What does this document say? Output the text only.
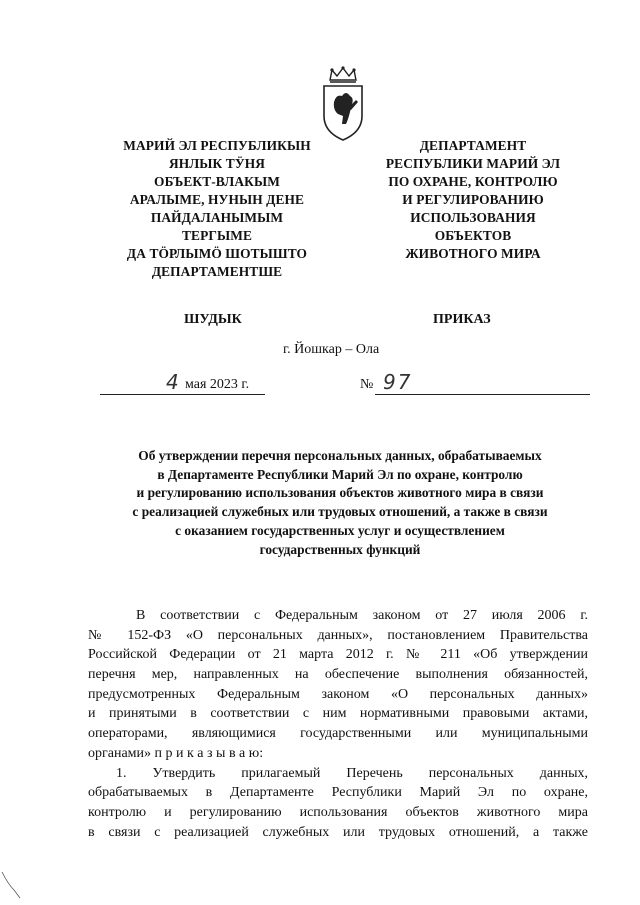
МАРИЙ ЭЛ РЕСПУБЛИКЫН
ЯНЛЫК ТӰНЯ
ОБЪЕКТ-ВЛАКЫМ
АРАЛЫМЕ, НУНЫН ДЕНЕ
ПАЙДАЛАНЫМЫМ
ТЕРГЫМЕ
ДА ТӦРЛЫМӦ ШОТЫШТО
ДЕПАРТАМЕНТШЕ
ДЕПАРТАМЕНТ
РЕСПУБЛИКИ МАРИЙ ЭЛ
ПО ОХРАНЕ, КОНТРОЛЮ
И РЕГУЛИРОВАНИЮ
ИСПОЛЬЗОВАНИЯ
ОБЪЕКТОВ
ЖИВОТНОГО МИРА
ШУДЫК	ПРИКАЗ
г. Йошкар – Ола
4 мая 2023 г.	№ 97
Об утверждении перечня персональных данных, обрабатываемых
в Департаменте Республики Марий Эл по охране, контролю
и регулированию использования объектов животного мира в связи
с реализацией служебных или трудовых отношений, а также в связи
с оказанием государственных услуг и осуществлением
государственных функций
В соответствии с Федеральным законом от 27 июля 2006 г.
№ 152-ФЗ «О персональных данных», постановлением Правительства
Российской Федерации от 21 марта 2012 г. № 211 «Об утверждении
перечня мер, направленных на обеспечение выполнения обязанностей,
предусмотренных Федеральным законом «О персональных данных»
и принятыми в соответствии с ним нормативными правовыми актами,
операторами, являющимися государственными или муниципальными
органами» п р и к а з ы в а ю:
1. Утвердить прилагаемый Перечень персональных данных,
обрабатываемых в Департаменте Республики Марий Эл по охране,
контролю и регулированию использования объектов животного мира
в связи с реализацией служебных или трудовых отношений, а также
